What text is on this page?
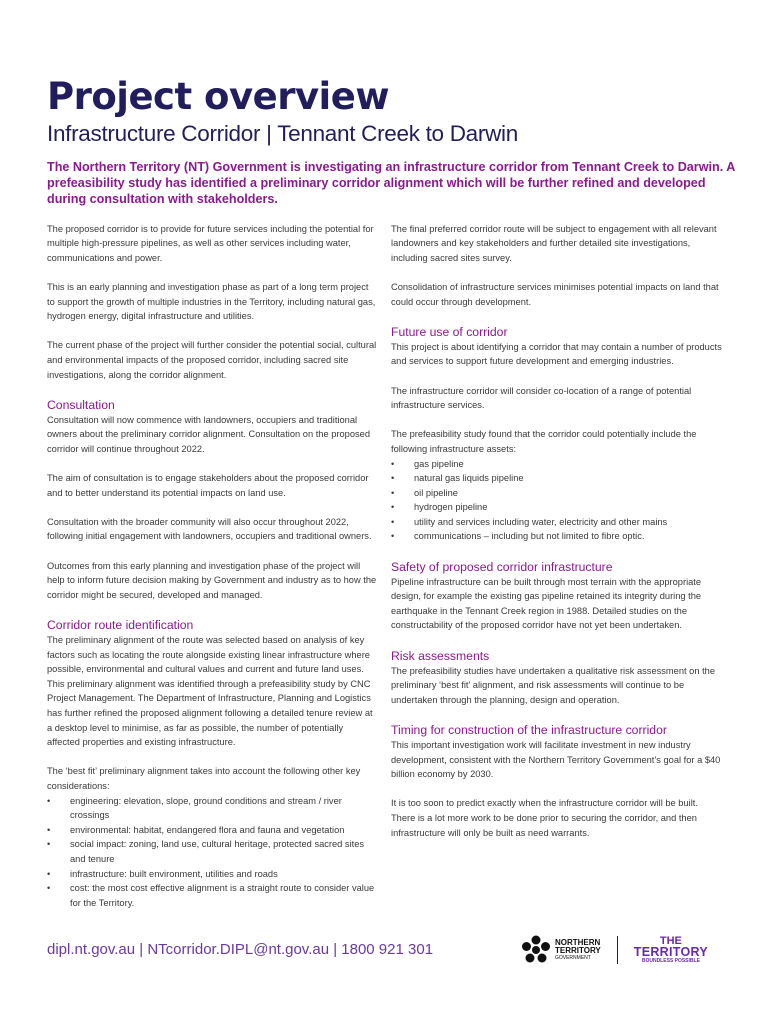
Project overview
Infrastructure Corridor | Tennant Creek to Darwin

The Northern Territory (NT) Government is investigating an infrastructure corridor from Tennant Creek to Darwin. A prefeasibility study has identified a preliminary corridor alignment which will be further refined and developed during consultation with stakeholders.

The proposed corridor is to provide for future services including the potential for multiple high-pressure pipelines, as well as other services including water, communications and power.

This is an early planning and investigation phase as part of a long term project to support the growth of multiple industries in the Territory, including natural gas, hydrogen energy, digital infrastructure and utilities.

The current phase of the project will further consider the potential social, cultural and environmental impacts of the proposed corridor, including sacred site investigations, along the corridor alignment.

Consultation

Consultation will now commence with landowners, occupiers and traditional owners about the preliminary corridor alignment. Consultation on the proposed corridor will continue throughout 2022.

The aim of consultation is to engage stakeholders about the proposed corridor and to better understand its potential impacts on land use.

Consultation with the broader community will also occur throughout 2022, following initial engagement with landowners, occupiers and traditional owners.

Outcomes from this early planning and investigation phase of the project will help to inform future decision making by Government and industry as to how the corridor might be secured, developed and managed.

Corridor route identification

The preliminary alignment of the route was selected based on analysis of key factors such as locating the route alongside existing linear infrastructure where possible, environmental and cultural values and current and future land uses. This preliminary alignment was identified through a prefeasibility study by CNC Project Management. The Department of Infrastructure, Planning and Logistics has further refined the proposed alignment following a detailed tenure review at a desktop level to minimise, as far as possible, the number of potentially affected properties and existing infrastructure.

The ‘best fit’ preliminary alignment takes into account the following other key considerations:

• engineering: elevation, slope, ground conditions and stream / river crossings
• environmental: habitat, endangered flora and fauna and vegetation
• social impact: zoning, land use, cultural heritage, protected sacred sites and tenure
• infrastructure: built environment, utilities and roads
• cost: the most cost effective alignment is a straight route to consider value for the Territory.

The final preferred corridor route will be subject to engagement with all relevant landowners and key stakeholders and further detailed site investigations, including sacred sites survey.

Consolidation of infrastructure services minimises potential impacts on land that could occur through development.

Future use of corridor

This project is about identifying a corridor that may contain a number of products and services to support future development and emerging industries.

The infrastructure corridor will consider co-location of a range of potential infrastructure services.

The prefeasibility study found that the corridor could potentially include the following infrastructure assets:

• gas pipeline
• natural gas liquids pipeline
• oil pipeline
• hydrogen pipeline
• utility and services including water, electricity and other mains
• communications – including but not limited to fibre optic.
Safety of proposed corridor infrastructure

Pipeline infrastructure can be built through most terrain with the appropriate design, for example the existing gas pipeline retained its integrity during the earthquake in the Tennant Creek region in 1988. Detailed studies on the constructability of the proposed corridor have not yet been undertaken.

Risk assessments

The prefeasibility studies have undertaken a qualitative risk assessment on the preliminary ‘best fit’ alignment, and risk assessments will continue to be undertaken through the planning, design and operation.

Timing for construction of the infrastructure corridor

This important investigation work will facilitate investment in new industry development, consistent with the Northern Territory Government’s goal for a $40 billion economy by 2030.

It is too soon to predict exactly when the infrastructure corridor will be built. There is a lot more work to be done prior to securing the corridor, and then infrastructure will only be built as need warrants.

dipl.nt.gov.au | NTcorridor.DIPL@nt.gov.au | 1800 921 301	NORTHERN
TERRITORY
GOVERNMENT
THE
TERRITORY
BOUNDLESS POSSIBLE
